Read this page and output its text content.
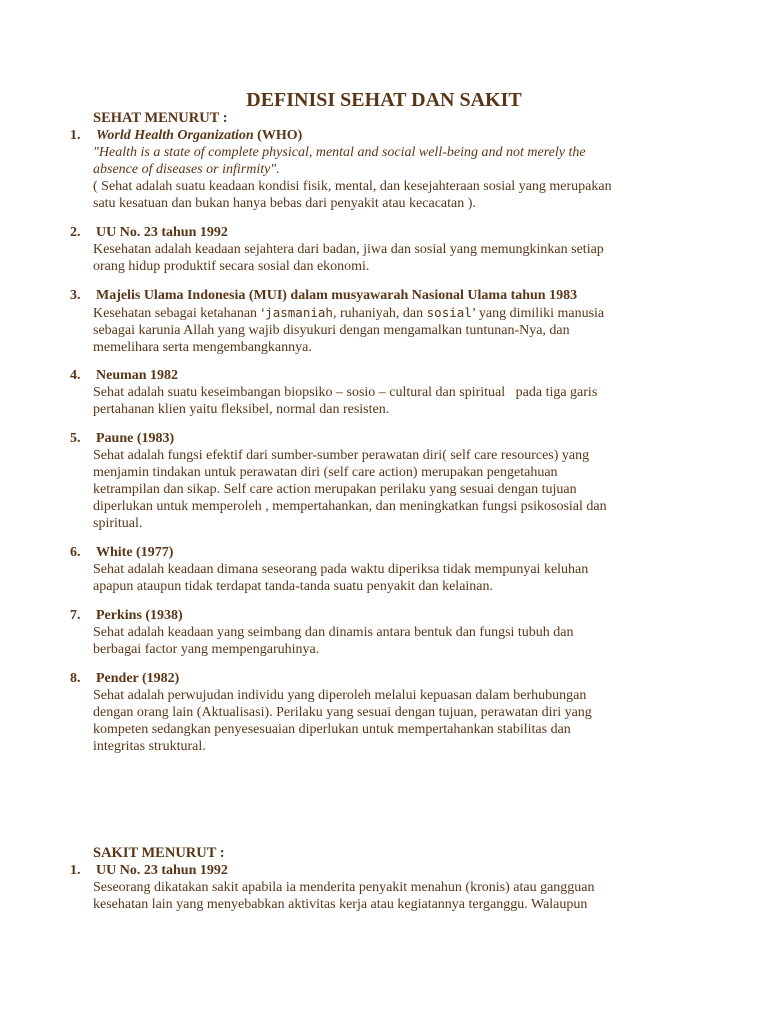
DEFINISI SEHAT DAN SAKIT
SEHAT MENURUT :
1.	World Health Organization (WHO)
"Health is a state of complete physical, mental and social well-being and not merely the
absence of diseases or infirmity".
( Sehat adalah suatu keadaan kondisi fisik, mental, dan kesejahteraan sosial yang merupakan
satu kesatuan dan bukan hanya bebas dari penyakit atau kecacatan ).
2.	UU No. 23 tahun 1992
Kesehatan adalah keadaan sejahtera dari badan, jiwa dan sosial yang memungkinkan setiap
orang hidup produktif secara sosial dan ekonomi.
3.	Majelis Ulama Indonesia (MUI) dalam musyawarah Nasional Ulama tahun 1983
Kesehatan sebagai ketahanan ‘jasmaniah, ruhaniyah, dan sosial’ yang dimiliki manusia
sebagai karunia Allah yang wajib disyukuri dengan mengamalkan tuntunan-Nya, dan
memelihara serta mengembangkannya.
4.	Neuman 1982
Sehat adalah suatu keseimbangan biopsiko – sosio – cultural dan spiritual   pada tiga garis
pertahanan klien yaitu fleksibel, normal dan resisten.
5.	Paune (1983)
Sehat adalah fungsi efektif dari sumber-sumber perawatan diri( self care resources) yang
menjamin tindakan untuk perawatan diri (self care action) merupakan pengetahuan
ketrampilan dan sikap. Self care action merupakan perilaku yang sesuai dengan tujuan
diperlukan untuk memperoleh , mempertahankan, dan meningkatkan fungsi psikososial dan
spiritual.
6.	White (1977)
Sehat adalah keadaan dimana seseorang pada waktu diperiksa tidak mempunyai keluhan
apapun ataupun tidak terdapat tanda-tanda suatu penyakit dan kelainan.
7.	Perkins (1938)
Sehat adalah keadaan yang seimbang dan dinamis antara bentuk dan fungsi tubuh dan
berbagai factor yang mempengaruhinya.
8.	Pender (1982)
Sehat adalah perwujudan individu yang diperoleh melalui kepuasan dalam berhubungan
dengan orang lain (Aktualisasi). Perilaku yang sesuai dengan tujuan, perawatan diri yang
kompeten sedangkan penyesesuaian diperlukan untuk mempertahankan stabilitas dan
integritas struktural.
SAKIT MENURUT :
1.	UU No. 23 tahun 1992
Seseorang dikatakan sakit apabila ia menderita penyakit menahun (kronis) atau gangguan
kesehatan lain yang menyebabkan aktivitas kerja atau kegiatannya terganggu. Walaupun
